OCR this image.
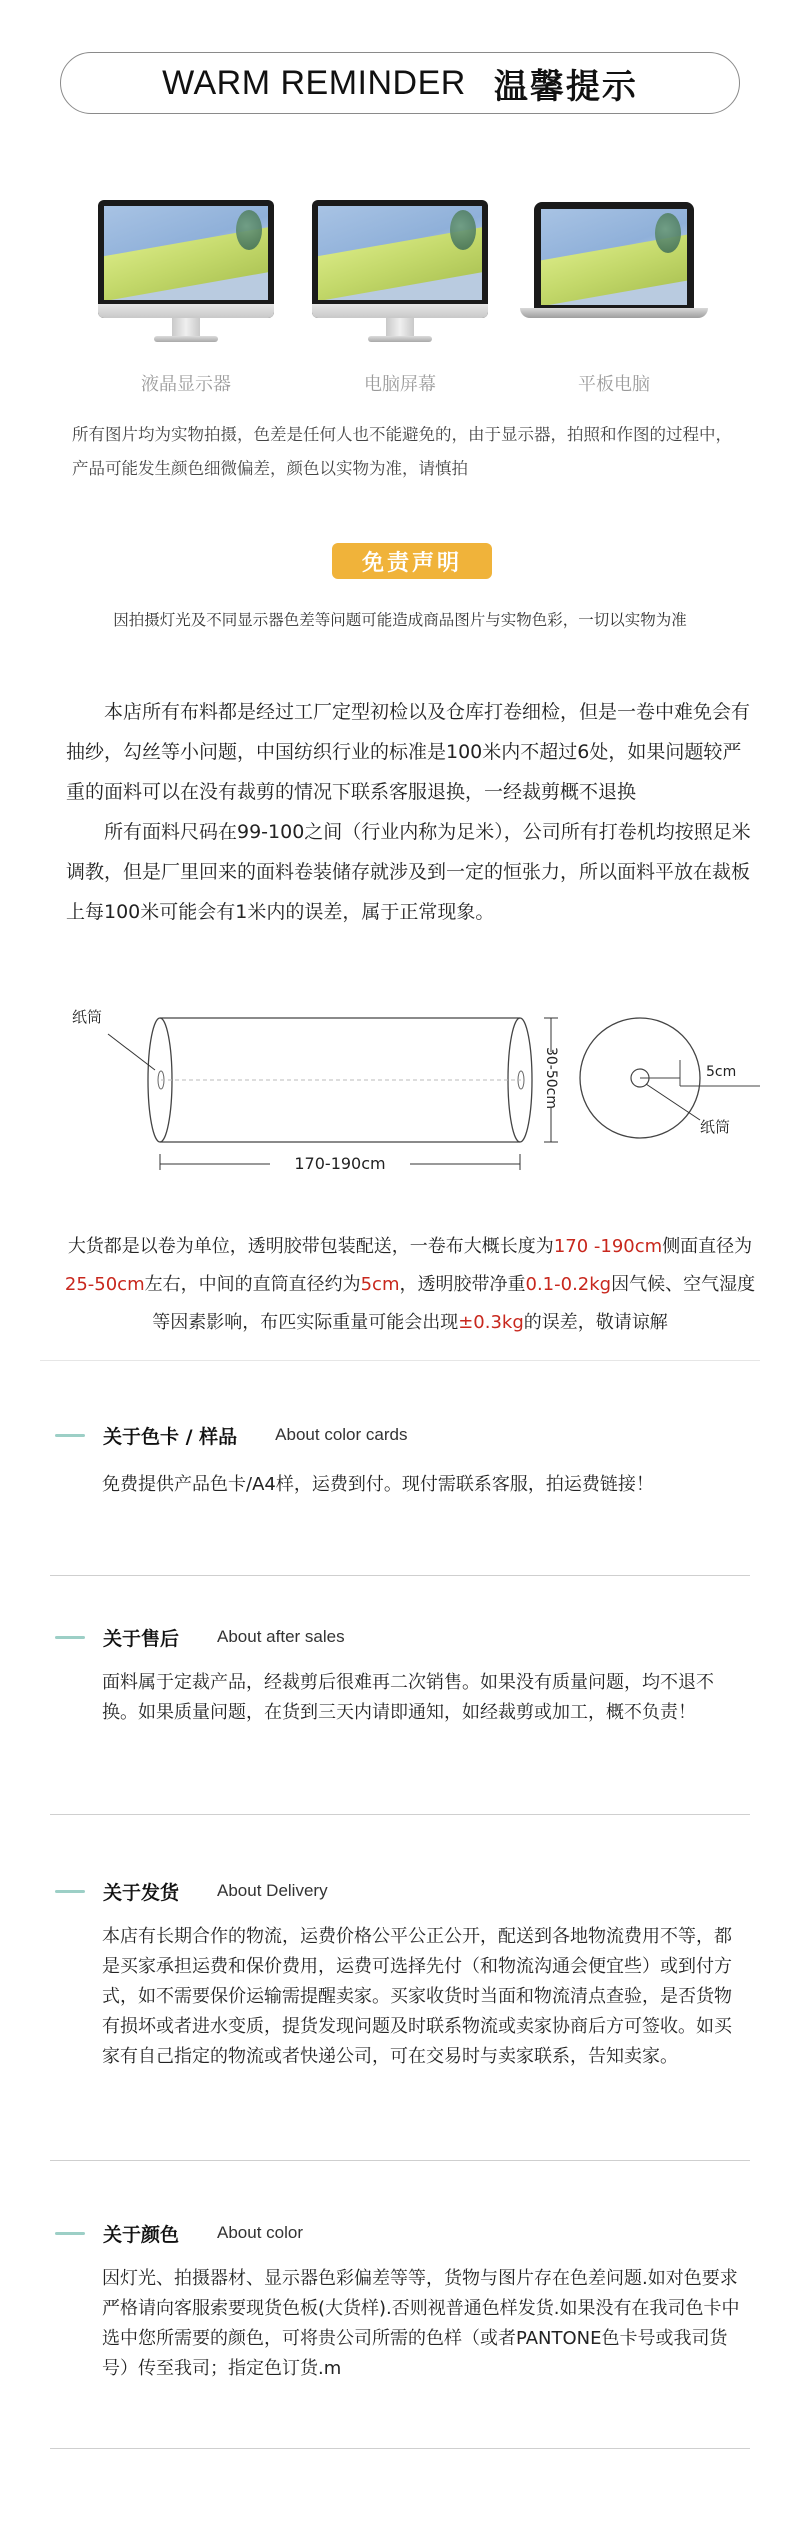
WARM REMINDER 温馨提示
液晶显示器	电脑屏幕	平板电脑
所有图片均为实物拍摄，色差是任何人也不能避免的，由于显示器，拍照和作图的过程中，产品可能发生颜色细微偏差，颜色以实物为准，请慎拍
免责声明
因拍摄灯光及不同显示器色差等问题可能造成商品图片与实物色彩，一切以实物为准
本店所有布料都是经过工厂定型初检以及仓库打卷细检，但是一卷中难免会有抽纱，勾丝等小问题，中国纺织行业的标准是100米内不超过6处，如果问题较严重的面料可以在没有裁剪的情况下联系客服退换，一经裁剪概不退换
所有面料尺码在99-100之间（行业内称为足米），公司所有打卷机均按照足米调教，但是厂里回来的面料卷装储存就涉及到一定的恒张力，所以面料平放在裁板上每100米可能会有1米内的误差，属于正常现象。
纸筒
170-190cm
30-50cm	5cm
纸筒
大货都是以卷为单位，透明胶带包装配送，一卷布大概长度为170 -190cm侧面直径为25-50cm左右，中间的直筒直径约为5cm，透明胶带净重0.1-0.2kg因气候、空气湿度等因素影响，布匹实际重量可能会出现±0.3kg的误差，敬请谅解
关于色卡 / 样品 About color cards
免费提供产品色卡/A4样，运费到付。现付需联系客服，拍运费链接！
关于售后 About after sales
面料属于定裁产品，经裁剪后很难再二次销售。如果没有质量问题，均不退不换。如果质量问题，在货到三天内请即通知，如经裁剪或加工，概不负责！
关于发货 About Delivery
本店有长期合作的物流，运费价格公平公正公开，配送到各地物流费用不等，都是买家承担运费和保价费用，运费可选择先付（和物流沟通会便宜些）或到付方式，如不需要保价运输需提醒卖家。买家收货时当面和物流清点查验，是否货物有损坏或者进水变质，提货发现问题及时联系物流或卖家协商后方可签收。如买家有自己指定的物流或者快递公司，可在交易时与卖家联系，告知卖家。
关于颜色 About color
因灯光、拍摄器材、显示器色彩偏差等等，货物与图片存在色差问题.如对色要求严格请向客服索要现货色板(大货样).否则视普通色样发货.如果没有在我司色卡中选中您所需要的颜色，可将贵公司所需的色样（或者PANTONE色卡号或我司货号）传至我司；指定色订货.m
